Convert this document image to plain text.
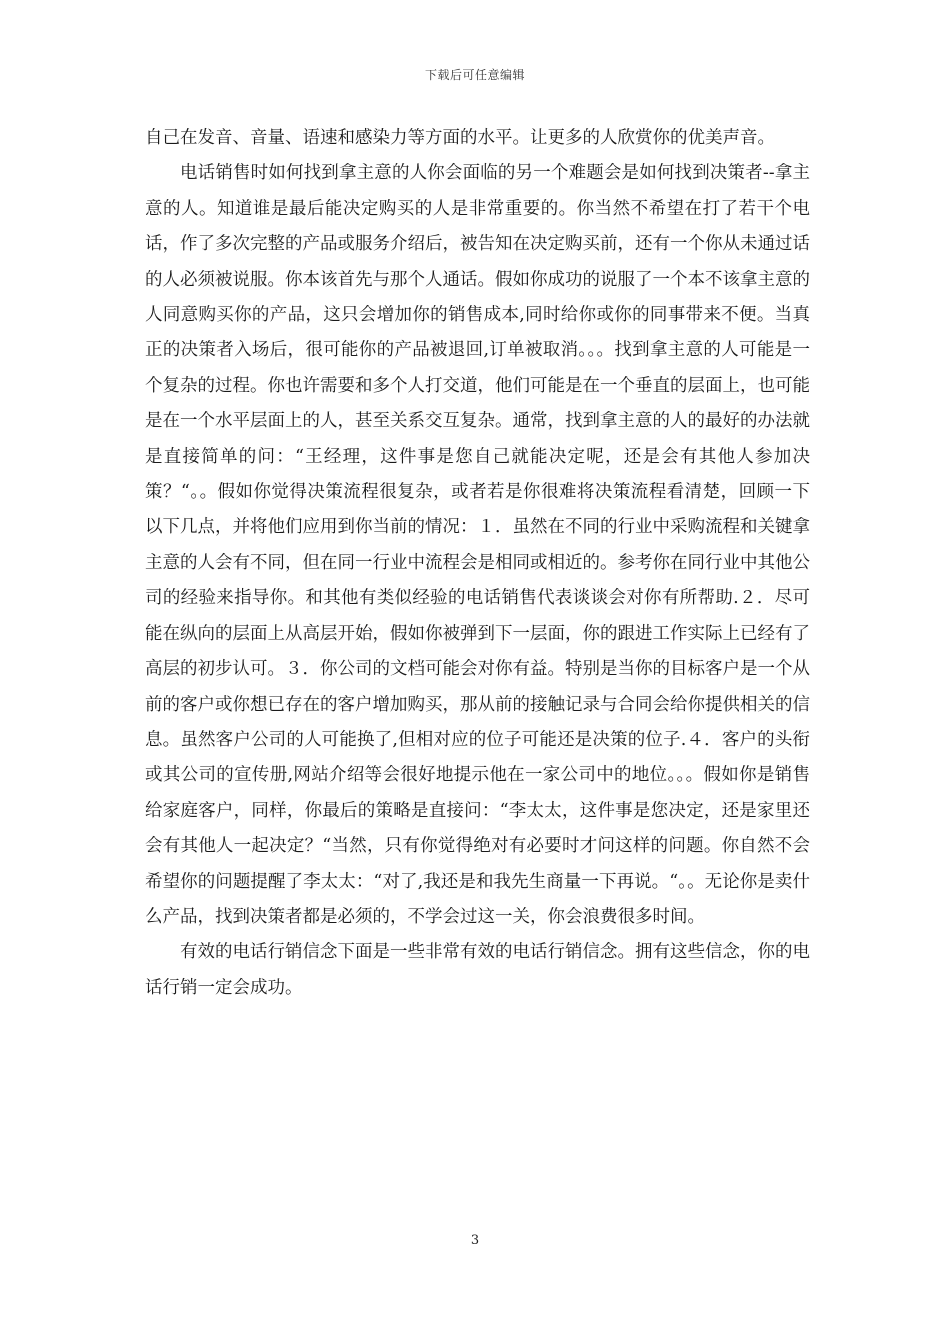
下载后可任意编辑

自己在发音、音量、语速和感染力等方面的水平。让更多的人欣赏你的优美声音。

电话销售时如何找到拿主意的人你会面临的另一个难题会是如何找到决策者--拿主意的人。知道谁是最后能决定购买的人是非常重要的。你当然不希望在打了若干个电话，作了多次完整的产品或服务介绍后，被告知在决定购买前，还有一个你从未通过话的人必须被说服。你本该首先与那个人通话。假如你成功的说服了一个本不该拿主意的人同意购买你的产品，这只会增加你的销售成本,同时给你或你的同事带来不便。当真正的决策者入场后，很可能你的产品被退回,订单被取消。。。找到拿主意的人可能是一个复杂的过程。你也许需要和多个人打交道，他们可能是在一个垂直的层面上，也可能是在一个水平层面上的人，甚至关系交互复杂。通常，找到拿主意的人的最好的办法就是直接简单的问：“王经理，这件事是您自己就能决定呢，还是会有其他人参加决策？“。。假如你觉得决策流程很复杂，或者若是你很难将决策流程看清楚，回顾一下以下几点，并将他们应用到你当前的情况：１．虽然在不同的行业中采购流程和关键拿主意的人会有不同，但在同一行业中流程会是相同或相近的。参考你在同行业中其他公司的经验来指导你。和其他有类似经验的电话销售代表谈谈会对你有所帮助.２．尽可能在纵向的层面上从高层开始，假如你被弹到下一层面，你的跟进工作实际上已经有了高层的初步认可。３．你公司的文档可能会对你有益。特别是当你的目标客户是一个从前的客户或你想已存在的客户增加购买，那从前的接触记录与合同会给你提供相关的信息。虽然客户公司的人可能换了,但相对应的位子可能还是决策的位子.４．客户的头衔或其公司的宣传册,网站介绍等会很好地提示他在一家公司中的地位。。。假如你是销售给家庭客户，同样，你最后的策略是直接问：“李太太，这件事是您决定，还是家里还会有其他人一起决定？“当然，只有你觉得绝对有必要时才问这样的问题。你自然不会希望你的问题提醒了李太太：“对了,我还是和我先生商量一下再说。“。。无论你是卖什么产品，找到决策者都是必须的，不学会过这一关，你会浪费很多时间。

有效的电话行销信念下面是一些非常有效的电话行销信念。拥有这些信念，你的电话行销一定会成功。

3
